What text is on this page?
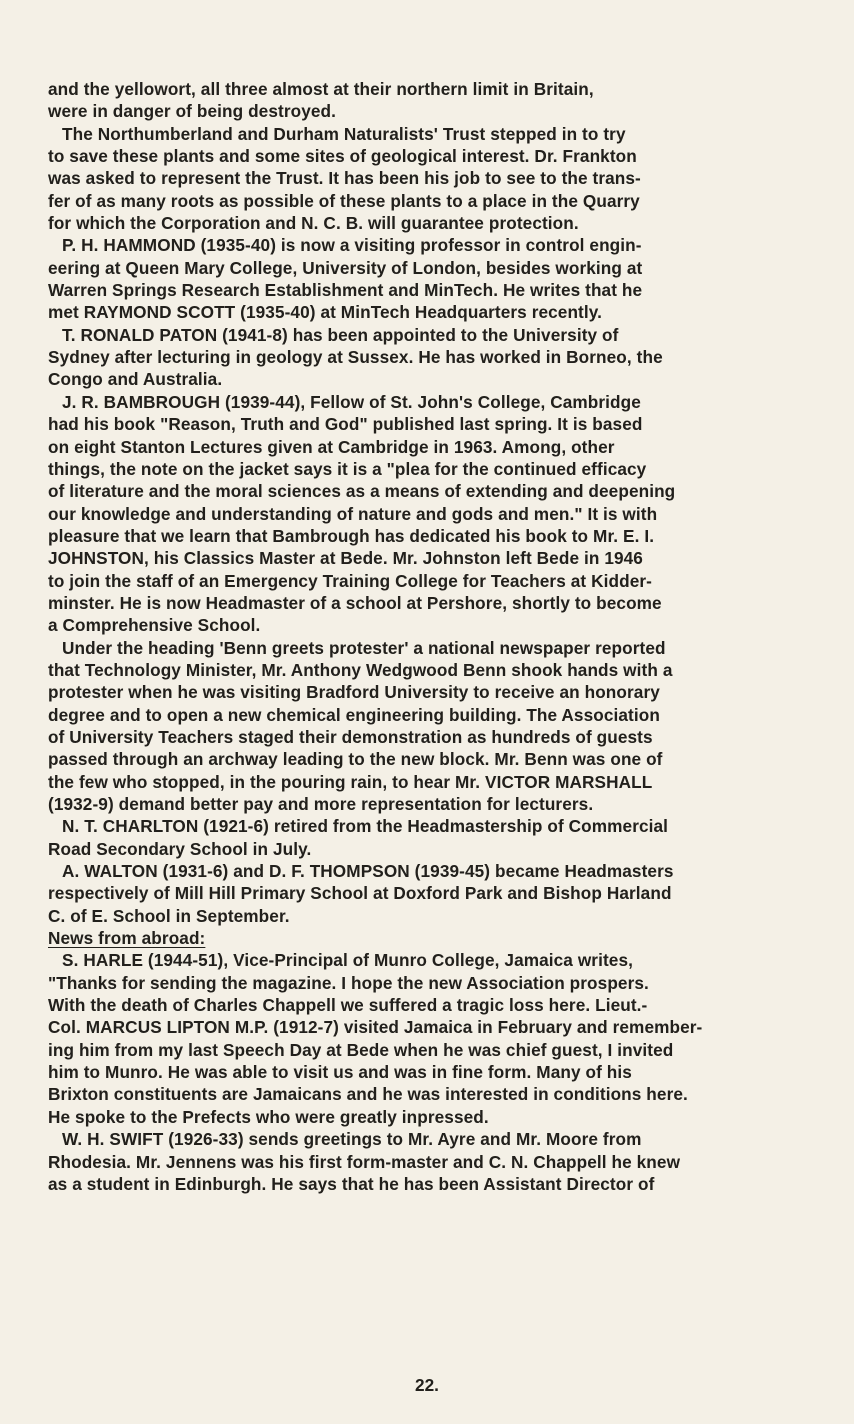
and the yellowort, all three almost at their northern limit in Britain,
were in danger of being destroyed.
The Northumberland and Durham Naturalists' Trust stepped in to try
to save these plants and some sites of geological interest. Dr. Frankton
was asked to represent the Trust. It has been his job to see to the trans-
fer of as many roots as possible of these plants to a place in the Quarry
for which the Corporation and N. C. B. will guarantee protection.
P. H. HAMMOND (1935-40) is now a visiting professor in control engin-
eering at Queen Mary College, University of London, besides working at
Warren Springs Research Establishment and MinTech. He writes that he
met RAYMOND SCOTT (1935-40) at MinTech Headquarters recently.
T. RONALD PATON (1941-8) has been appointed to the University of
Sydney after lecturing in geology at Sussex. He has worked in Borneo, the
Congo and Australia.
J. R. BAMBROUGH (1939-44), Fellow of St. John's College, Cambridge
had his book "Reason, Truth and God" published last spring. It is based
on eight Stanton Lectures given at Cambridge in 1963. Among, other
things, the note on the jacket says it is a "plea for the continued efficacy
of literature and the moral sciences as a means of extending and deepening
our knowledge and understanding of nature and gods and men." It is with
pleasure that we learn that Bambrough has dedicated his book to Mr. E. I.
JOHNSTON, his Classics Master at Bede. Mr. Johnston left Bede in 1946
to join the staff of an Emergency Training College for Teachers at Kidder-
minster. He is now Headmaster of a school at Pershore, shortly to become
a Comprehensive School.
Under the heading 'Benn greets protester' a national newspaper reported
that Technology Minister, Mr. Anthony Wedgwood Benn shook hands with a
protester when he was visiting Bradford University to receive an honorary
degree and to open a new chemical engineering building. The Association
of University Teachers staged their demonstration as hundreds of guests
passed through an archway leading to the new block. Mr. Benn was one of
the few who stopped, in the pouring rain, to hear Mr. VICTOR MARSHALL
(1932-9) demand better pay and more representation for lecturers.
N. T. CHARLTON (1921-6) retired from the Headmastership of Commercial
Road Secondary School in July.
A. WALTON (1931-6) and D. F. THOMPSON (1939-45) became Headmasters
respectively of Mill Hill Primary School at Doxford Park and Bishop Harland
C. of E. School in September.
News from abroad:
S. HARLE (1944-51), Vice-Principal of Munro College, Jamaica writes,
"Thanks for sending the magazine. I hope the new Association prospers.
With the death of Charles Chappell we suffered a tragic loss here. Lieut.-
Col. MARCUS LIPTON M.P. (1912-7) visited Jamaica in February and remember-
ing him from my last Speech Day at Bede when he was chief guest, I invited
him to Munro. He was able to visit us and was in fine form. Many of his
Brixton constituents are Jamaicans and he was interested in conditions here.
He spoke to the Prefects who were greatly inpressed.
W. H. SWIFT (1926-33) sends greetings to Mr. Ayre and Mr. Moore from
Rhodesia. Mr. Jennens was his first form-master and C. N. Chappell he knew
as a student in Edinburgh. He says that he has been Assistant Director of
22.
